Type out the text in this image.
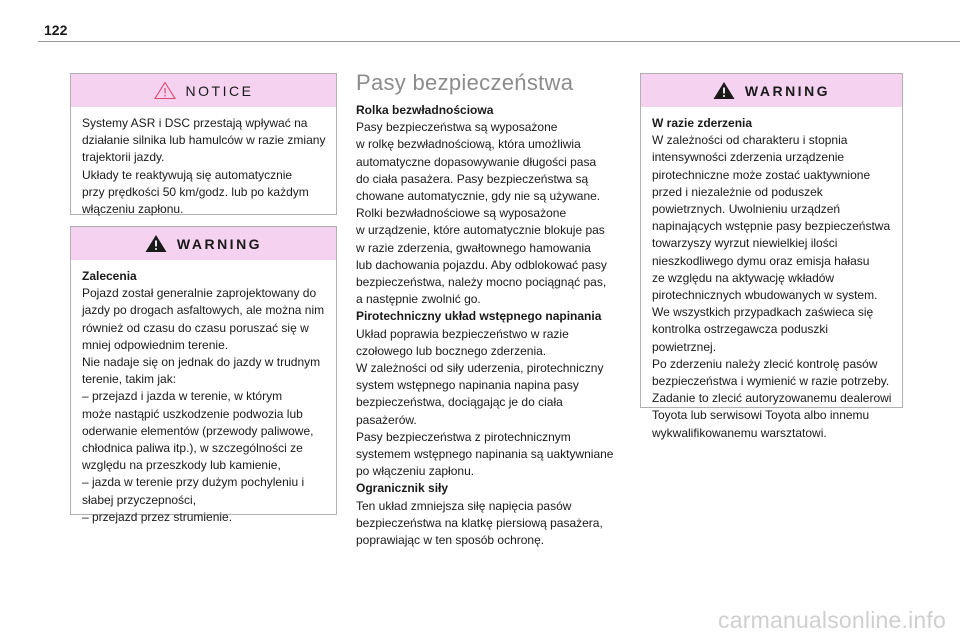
122
NOTICE

Systemy ASR i DSC przestają wpływać na

działanie silnika lub hamulców w razie zmiany

trajektorii jazdy.

Układy te reaktywują się automatycznie

przy prędkości 50 km/godz. lub po każdym

włączeniu zapłonu.

WARNING

Zalecenia

Pojazd został generalnie zaprojektowany do

jazdy po drogach asfaltowych, ale można nim

również od czasu do czasu poruszać się w

mniej odpowiednim terenie.

Nie nadaje się on jednak do jazdy w trudnym

terenie, takim jak:

– przejazd i jazda w terenie, w którym

może nastąpić uszkodzenie podwozia lub

oderwanie elementów (przewody paliwowe,

chłodnica paliwa itp.), w szczególności ze

względu na przeszkody lub kamienie,

– jazda w terenie przy dużym pochyleniu i

słabej przyczepności,

– przejazd przez strumienie.

Pasy bezpieczeństwa

Rolka bezwładnościowa

Pasy bezpieczeństwa są wyposażone

w rolkę bezwładnościową, która umożliwia

automatyczne dopasowywanie długości pasa

do ciała pasażera. Pasy bezpieczeństwa są

chowane automatycznie, gdy nie są używane.

Rolki bezwładnościowe są wyposażone

w urządzenie, które automatycznie blokuje pas

w razie zderzenia, gwałtownego hamowania

lub dachowania pojazdu. Aby odblokować pasy

bezpieczeństwa, należy mocno pociągnąć pas,

a następnie zwolnić go.

Pirotechniczny układ wstępnego napinania

Układ poprawia bezpieczeństwo w razie

czołowego lub bocznego zderzenia.

W zależności od siły uderzenia, pirotechniczny

system wstępnego napinania napina pasy

bezpieczeństwa, dociągając je do ciała

pasażerów.

Pasy bezpieczeństwa z pirotechnicznym

systemem wstępnego napinania są uaktywniane

po włączeniu zapłonu.

Ogranicznik siły

Ten układ zmniejsza siłę napięcia pasów

bezpieczeństwa na klatkę piersiową pasażera,

poprawiając w ten sposób ochronę.

WARNING

W razie zderzenia

W zależności od charakteru i stopnia

intensywności zderzenia urządzenie

pirotechniczne może zostać uaktywnione

przed i niezależnie od poduszek

powietrznych. Uwolnieniu urządzeń

napinających wstępnie pasy bezpieczeństwa

towarzyszy wyrzut niewielkiej ilości

nieszkodliwego dymu oraz emisja hałasu

ze względu na aktywację wkładów

pirotechnicznych wbudowanych w system.

We wszystkich przypadkach zaświeca się

kontrolka ostrzegawcza poduszki powietrznej.

Po zderzeniu należy zlecić kontrolę pasów

bezpieczeństwa i wymienić w razie potrzeby.

Zadanie to zlecić autoryzowanemu dealerowi

Toyota lub serwisowi Toyota albo innemu

wykwalifikowanemu warsztatowi.

carmanualsonline.info
